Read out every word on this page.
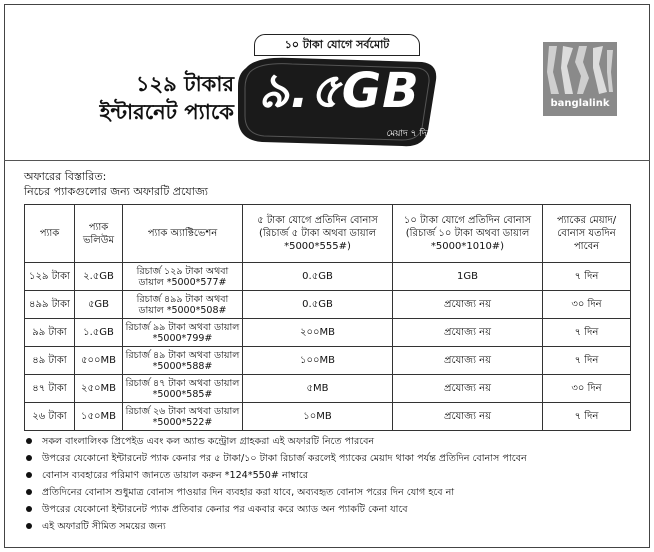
১২৯ টাকার
ইন্টারনেট প্যাকে
১০ টাকা যোগে সর্বমোট
৯.৫GB
মেয়াদ ৭ দিন
banglalink
অফারের বিস্তারিত:
নিচের প্যাকগুলোর জন্য অফারটি প্রযোজ্য
প্যাক	প্যাক ভলিউম	প্যাক অ্যাক্টিভেশন	৫ টাকা যোগে প্রতিদিন বোনাস (রিচার্জ ৫ টাকা অথবা ডায়াল *5000*555#)	১০ টাকা যোগে প্রতিদিন বোনাস (রিচার্জ ১০ টাকা অথবা ডায়াল *5000*1010#)	প্যাকের মেয়াদ/ বোনাস যতদিন পাবেন
১২৯ টাকা	২.৫GB	রিচার্জ ১২৯ টাকা অথবা ডায়াল *5000*577#	0.৫GB	1GB	৭ দিন
৪৯৯ টাকা	৫GB	রিচার্জ ৪৯৯ টাকা অথবা ডায়াল *5000*508#	0.৫GB	প্রযোজ্য নয়	৩০ দিন
৯৯ টাকা	১.৫GB	রিচার্জ ৯৯ টাকা অথবা ডায়াল *5000*799#	২০০MB	প্রযোজ্য নয়	৭ দিন
৪৯ টাকা	৫০০MB	রিচার্জ ৪৯ টাকা অথবা ডায়াল *5000*588#	১০০MB	প্রযোজ্য নয়	৭ দিন
৪৭ টাকা	২৫০MB	রিচার্জ ৪৭ টাকা অথবা ডায়াল *5000*585#	৫MB	প্রযোজ্য নয়	৩০ দিন
২৬ টাকা	১৫০MB	রিচার্জ ২৬ টাকা অথবা ডায়াল *5000*522#	১০MB	প্রযোজ্য নয়	৭ দিন
সকল বাংলালিংক প্রিপেইড এবং কল অ্যান্ড কন্ট্রোল গ্রাহকরা এই অফারটি নিতে পারবেন
উপরের যেকোনো ইন্টারনেট প্যাক কেনার পর ৫ টাকা/১০ টাকা রিচার্জ করলেই প্যাকের মেয়াদ থাকা পর্যন্ত প্রতিদিন বোনাস পাবেন
বোনাস ব্যবহারের পরিমাণ জানতে ডায়াল করুন *124*550# নাম্বারে
প্রতিদিনের বোনাস শুধুমাত্র বোনাস পাওয়ার দিন ব্যবহার করা যাবে, অব্যবহৃত বোনাস পরের দিন যোগ হবে না
উপরের যেকোনো ইন্টারনেট প্যাক প্রতিবার কেনার পর একবার করে অ্যাড অন প্যাকটি কেনা যাবে
এই অফারটি সীমিত সময়ের জন্য
